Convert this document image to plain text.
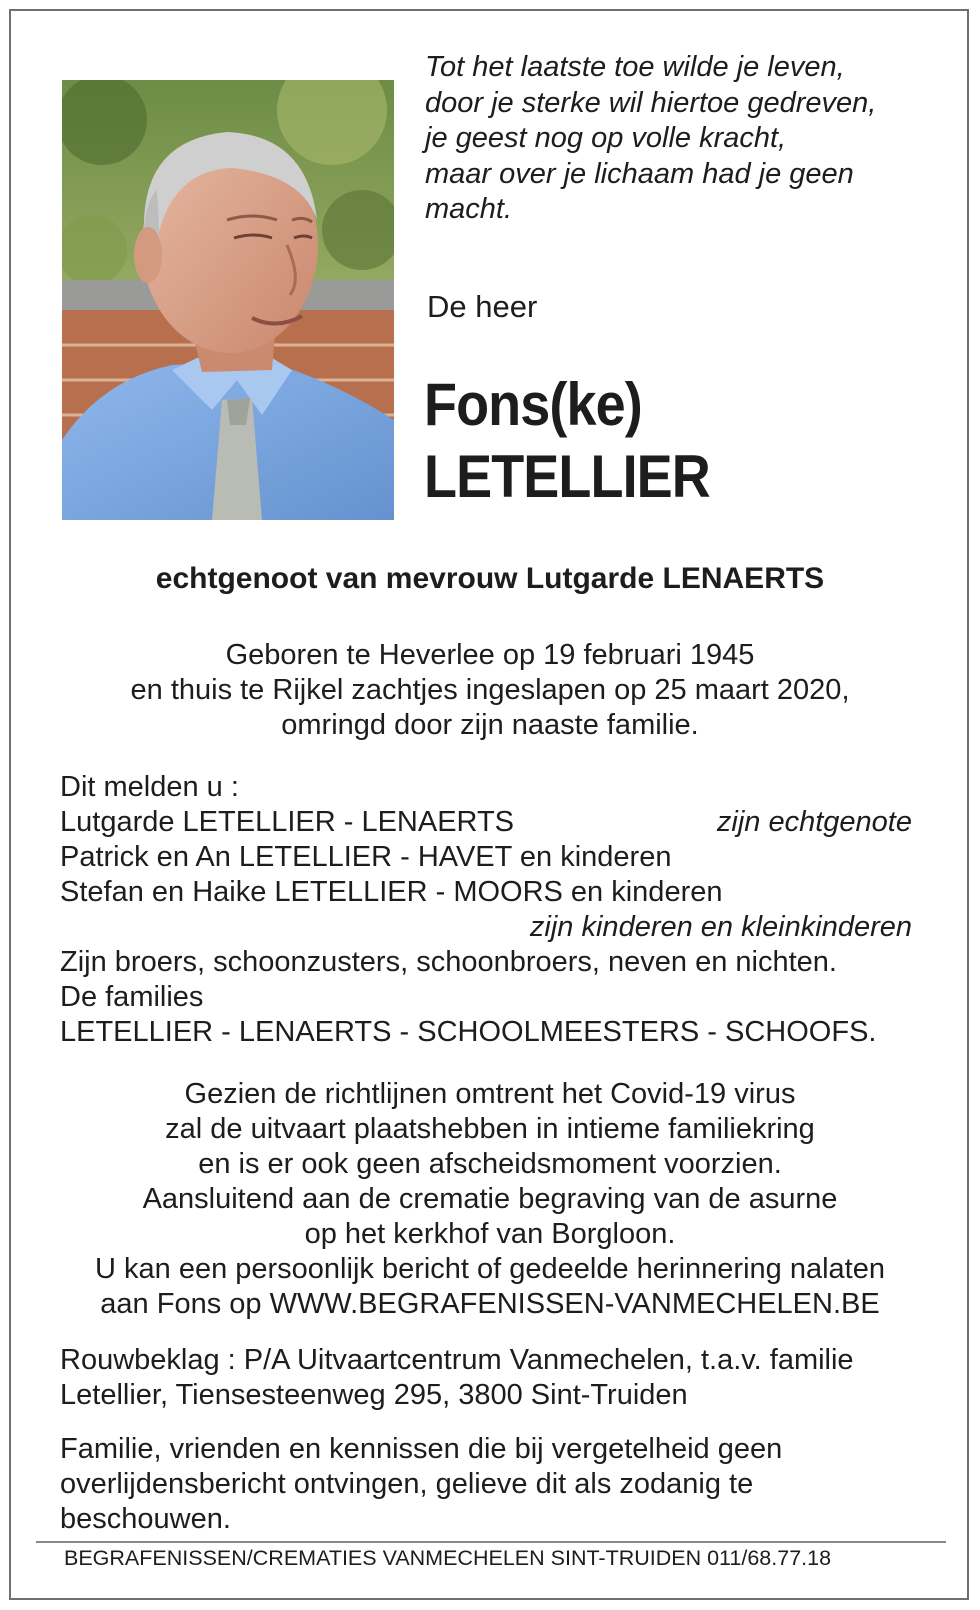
Tot het laatste toe wilde je leven,
door je sterke wil hiertoe gedreven,
je geest nog op volle kracht,
maar over je lichaam had je geen
macht.
De heer
Fons(ke)
LETELLIER
echtgenoot van mevrouw Lutgarde LENAERTS
Geboren te Heverlee op 19 februari 1945
en thuis te Rijkel zachtjes ingeslapen op 25 maart 2020,
omringd door zijn naaste familie.
Dit melden u :
Lutgarde LETELLIER - LENAERTS	zijn echtgenote
Patrick en An LETELLIER - HAVET en kinderen
Stefan en Haike LETELLIER - MOORS en kinderen
zijn kinderen en kleinkinderen
Zijn broers, schoonzusters, schoonbroers, neven en nichten.
De families
LETELLIER - LENAERTS - SCHOOLMEESTERS - SCHOOFS.
Gezien de richtlijnen omtrent het Covid-19 virus
zal de uitvaart plaatshebben in intieme familiekring
en is er ook geen afscheidsmoment voorzien.
Aansluitend aan de crematie begraving van de asurne
op het kerkhof van Borgloon.
U kan een persoonlijk bericht of gedeelde herinnering nalaten
aan Fons op WWW.BEGRAFENISSEN-VANMECHELEN.BE
Rouwbeklag : P/A Uitvaartcentrum Vanmechelen, t.a.v. familie
Letellier, Tiensesteenweg 295, 3800 Sint-Truiden
Familie, vrienden en kennissen die bij vergetelheid geen
overlijdensbericht ontvingen, gelieve dit als zodanig te
beschouwen.
BEGRAFENISSEN/CREMATIES VANMECHELEN SINT-TRUIDEN 011/68.77.18
